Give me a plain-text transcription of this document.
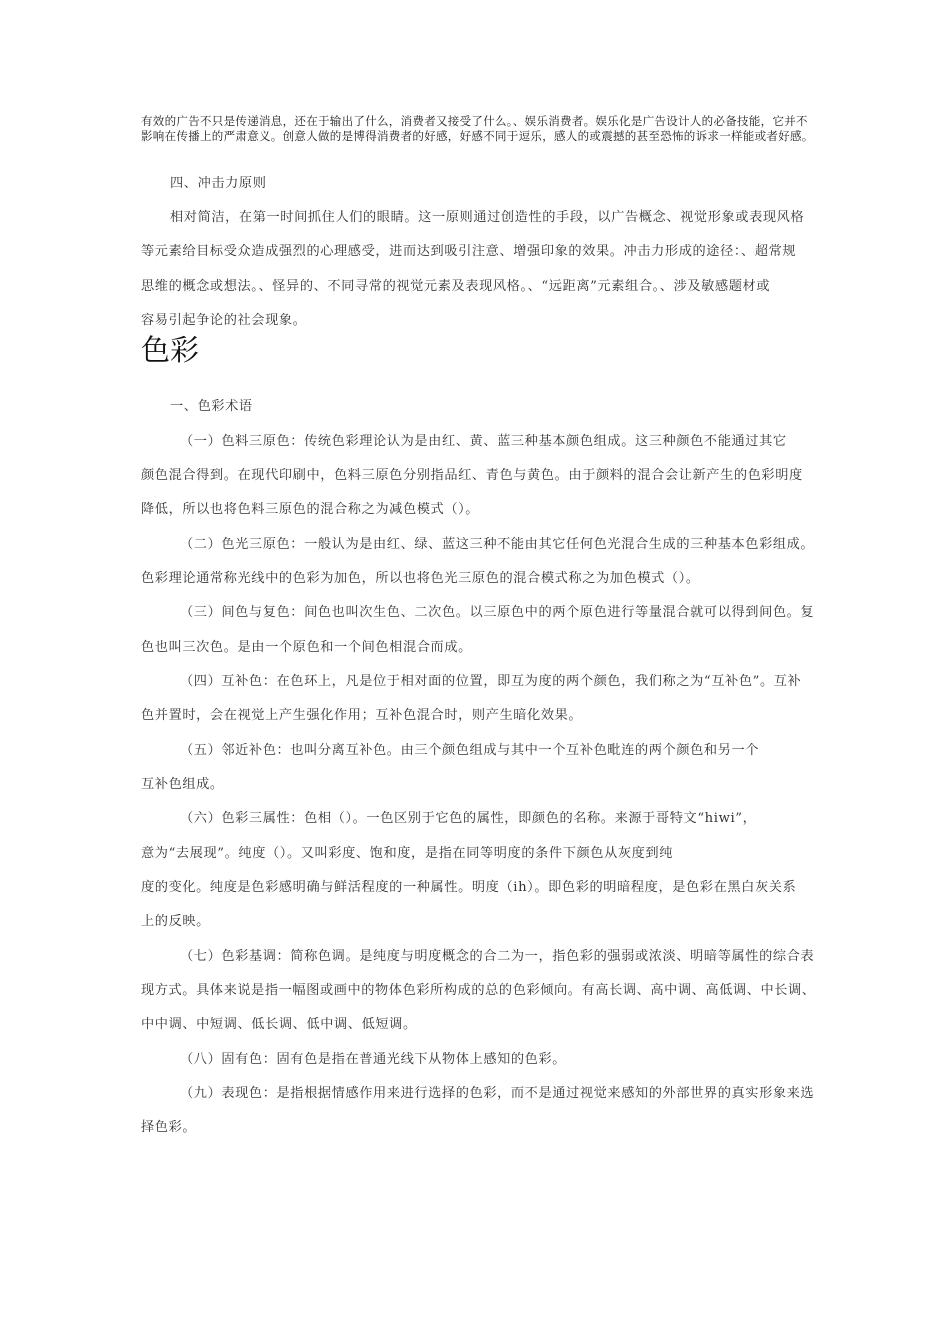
有效的广告不只是传递消息，还在于输出了什么，消费者又接受了什么。、娱乐消费者。娱乐化是广告设计人的必备技能，它并不影响在传播上的严肃意义。创意人做的是博得消费者的好感，好感不同于逗乐，感人的或震撼的甚至恐怖的诉求一样能或者好感。
四、冲击力原则
相对简洁，在第一时间抓住人们的眼睛。这一原则通过创造性的手段，以广告概念、视觉形象或表现风格
等元素给目标受众造成强烈的心理感受，进而达到吸引注意、增强印象的效果。冲击力形成的途径：、超常规
思维的概念或想法。、怪异的、不同寻常的视觉元素及表现风格。、“远距离”元素组合。、涉及敏感题材或
容易引起争论的社会现象。
色彩
一、色彩术语
（一）色料三原色：传统色彩理论认为是由红、黄、蓝三种基本颜色组成。这三种颜色不能通过其它
颜色混合得到。在现代印刷中，色料三原色分别指品红、青色与黄色。由于颜料的混合会让新产生的色彩明度
降低，所以也将色料三原色的混合称之为减色模式（）。
（二）色光三原色：一般认为是由红、绿、蓝这三种不能由其它任何色光混合生成的三种基本色彩组成。
色彩理论通常称光线中的色彩为加色，所以也将色光三原色的混合模式称之为加色模式（）。
（三）间色与复色：间色也叫次生色、二次色。以三原色中的两个原色进行等量混合就可以得到间色。复
色也叫三次色。是由一个原色和一个间色相混合而成。
（四）互补色：在色环上，凡是位于相对面的位置，即互为度的两个颜色，我们称之为“互补色”。互补
色并置时，会在视觉上产生强化作用；互补色混合时，则产生暗化效果。
（五）邻近补色：也叫分离互补色。由三个颜色组成与其中一个互补色毗连的两个颜色和另一个
互补色组成。
（六）色彩三属性：色相（）。一色区别于它色的属性，即颜色的名称。来源于哥特文“hiwi”，
意为“去展现”。纯度（）。又叫彩度、饱和度，是指在同等明度的条件下颜色从灰度到纯
度的变化。纯度是色彩感明确与鲜活程度的一种属性。明度（ih）。即色彩的明暗程度，是色彩在黑白灰关系
上的反映。
（七）色彩基调：简称色调。是纯度与明度概念的合二为一，指色彩的强弱或浓淡、明暗等属性的综合表
现方式。具体来说是指一幅图或画中的物体色彩所构成的总的色彩倾向。有高长调、高中调、高低调、中长调、
中中调、中短调、低长调、低中调、低短调。
（八）固有色：固有色是指在普通光线下从物体上感知的色彩。
（九）表现色：是指根据情感作用来进行选择的色彩，而不是通过视觉来感知的外部世界的真实形象来选
择色彩。
